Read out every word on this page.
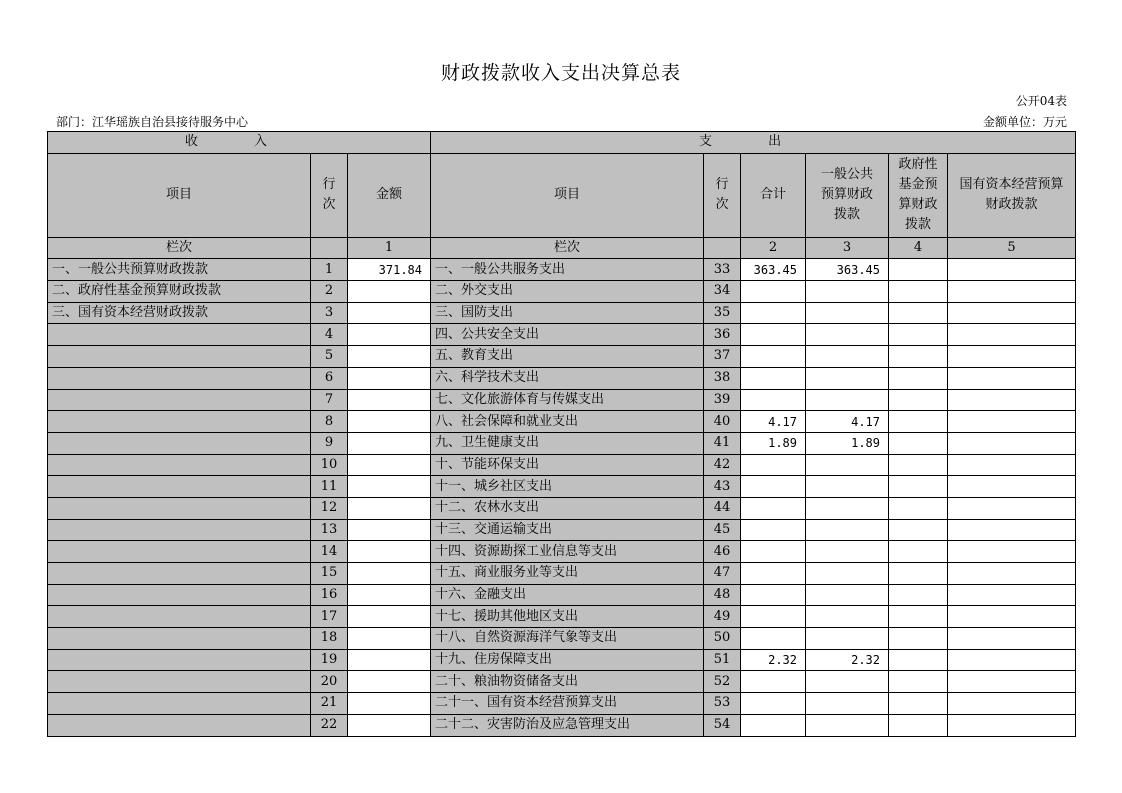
财政拨款收入支出决算总表
公开04表
部门：江华瑶族自治县接待服务中心	金额单位：万元
收 入			支 出					
项目	行次	金额	项目	行次	合计	一般公共预算财政拨款	政府性基金预算财政拨款	国有资本经营预算财政拨款
栏次		1	栏次		2	3	4	5
一、一般公共预算财政拨款	1	371.84	一、一般公共服务支出	33	363.45	363.45		
二、政府性基金预算财政拨款	2		二、外交支出	34				
三、国有资本经营财政拨款	3		三、国防支出	35				
	4		四、公共安全支出	36				
	5		五、教育支出	37				
	6		六、科学技术支出	38				
	7		七、文化旅游体育与传媒支出	39				
	8		八、社会保障和就业支出	40	4.17	4.17		
	9		九、卫生健康支出	41	1.89	1.89		
	10		十、节能环保支出	42				
	11		十一、城乡社区支出	43				
	12		十二、农林水支出	44				
	13		十三、交通运输支出	45				
	14		十四、资源勘探工业信息等支出	46				
	15		十五、商业服务业等支出	47				
	16		十六、金融支出	48				
	17		十七、援助其他地区支出	49				
	18		十八、自然资源海洋气象等支出	50				
	19		十九、住房保障支出	51	2.32	2.32		
	20		二十、粮油物资储备支出	52				
	21		二十一、国有资本经营预算支出	53				
	22		二十二、灾害防治及应急管理支出	54				
